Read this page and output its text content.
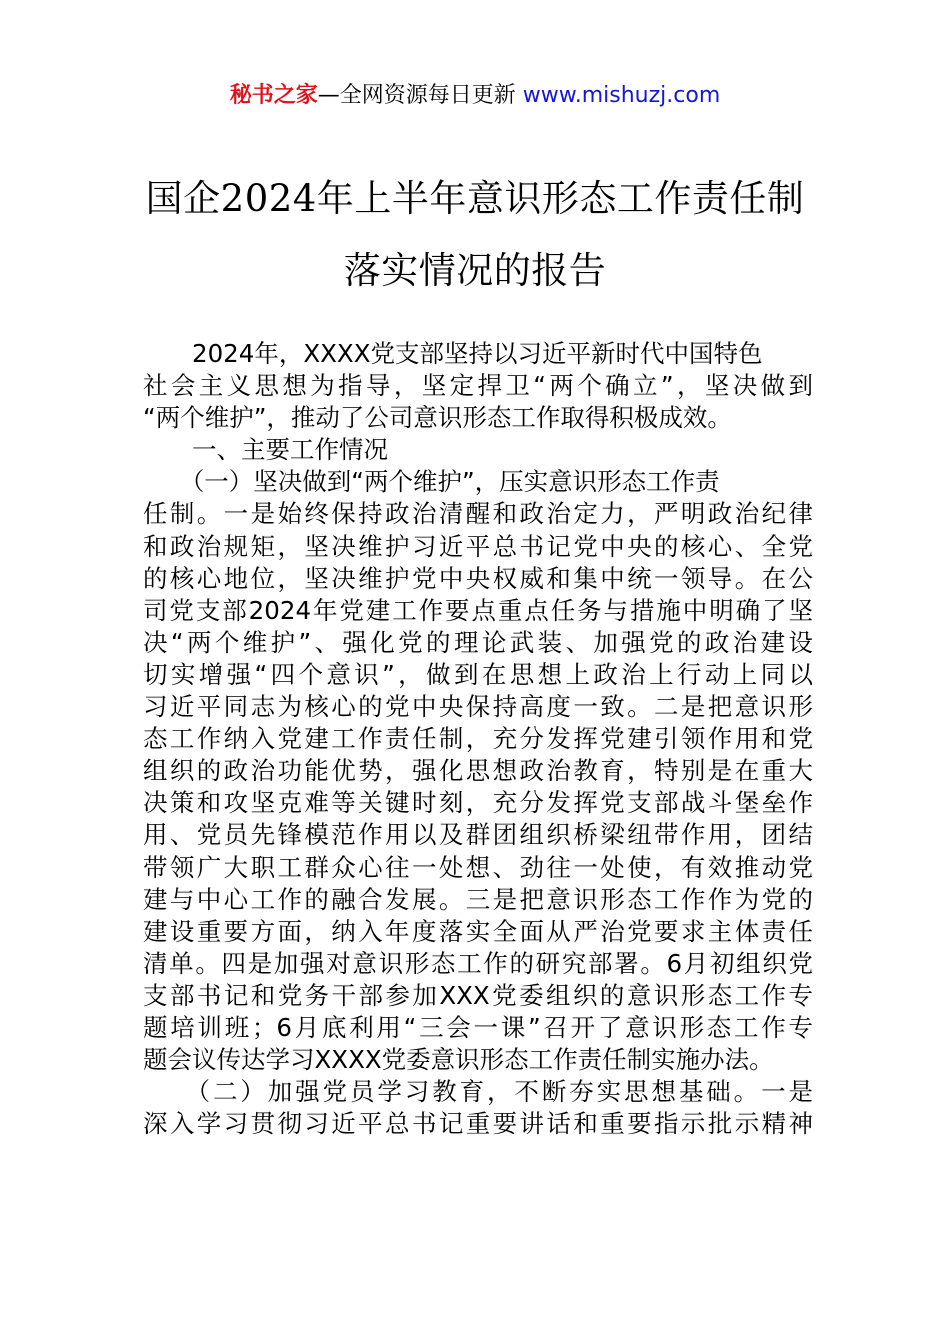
秘书之家—全网资源每日更新 www.mishuzj.com
国企2024年上半年意识形态工作责任制
落实情况的报告
　　2024年，XXXX党支部坚持以习近平新时代中国特色
社会主义思想为指导，坚定捍卫“两个确立”，坚决做到
“两个维护”，推动了公司意识形态工作取得积极成效。
　　一、主要工作情况
　　（一）坚决做到“两个维护”，压实意识形态工作责
任制。一是始终保持政治清醒和政治定力，严明政治纪律
和政治规矩，坚决维护习近平总书记党中央的核心、全党
的核心地位，坚决维护党中央权威和集中统一领导。在公
司党支部2024年党建工作要点重点任务与措施中明确了坚
决“两个维护”、强化党的理论武装、加强党的政治建设
切实增强“四个意识”，做到在思想上政治上行动上同以
习近平同志为核心的党中央保持高度一致。二是把意识形
态工作纳入党建工作责任制，充分发挥党建引领作用和党
组织的政治功能优势，强化思想政治教育，特别是在重大
决策和攻坚克难等关键时刻，充分发挥党支部战斗堡垒作
用、党员先锋模范作用以及群团组织桥梁纽带作用，团结
带领广大职工群众心往一处想、劲往一处使，有效推动党
建与中心工作的融合发展。三是把意识形态工作作为党的
建设重要方面，纳入年度落实全面从严治党要求主体责任
清单。四是加强对意识形态工作的研究部署。6月初组织党
支部书记和党务干部参加XXX党委组织的意识形态工作专
题培训班；6月底利用“三会一课”召开了意识形态工作专
题会议传达学习XXXX党委意识形态工作责任制实施办法。
　　（二）加强党员学习教育，不断夯实思想基础。一是
深入学习贯彻习近平总书记重要讲话和重要指示批示精神
